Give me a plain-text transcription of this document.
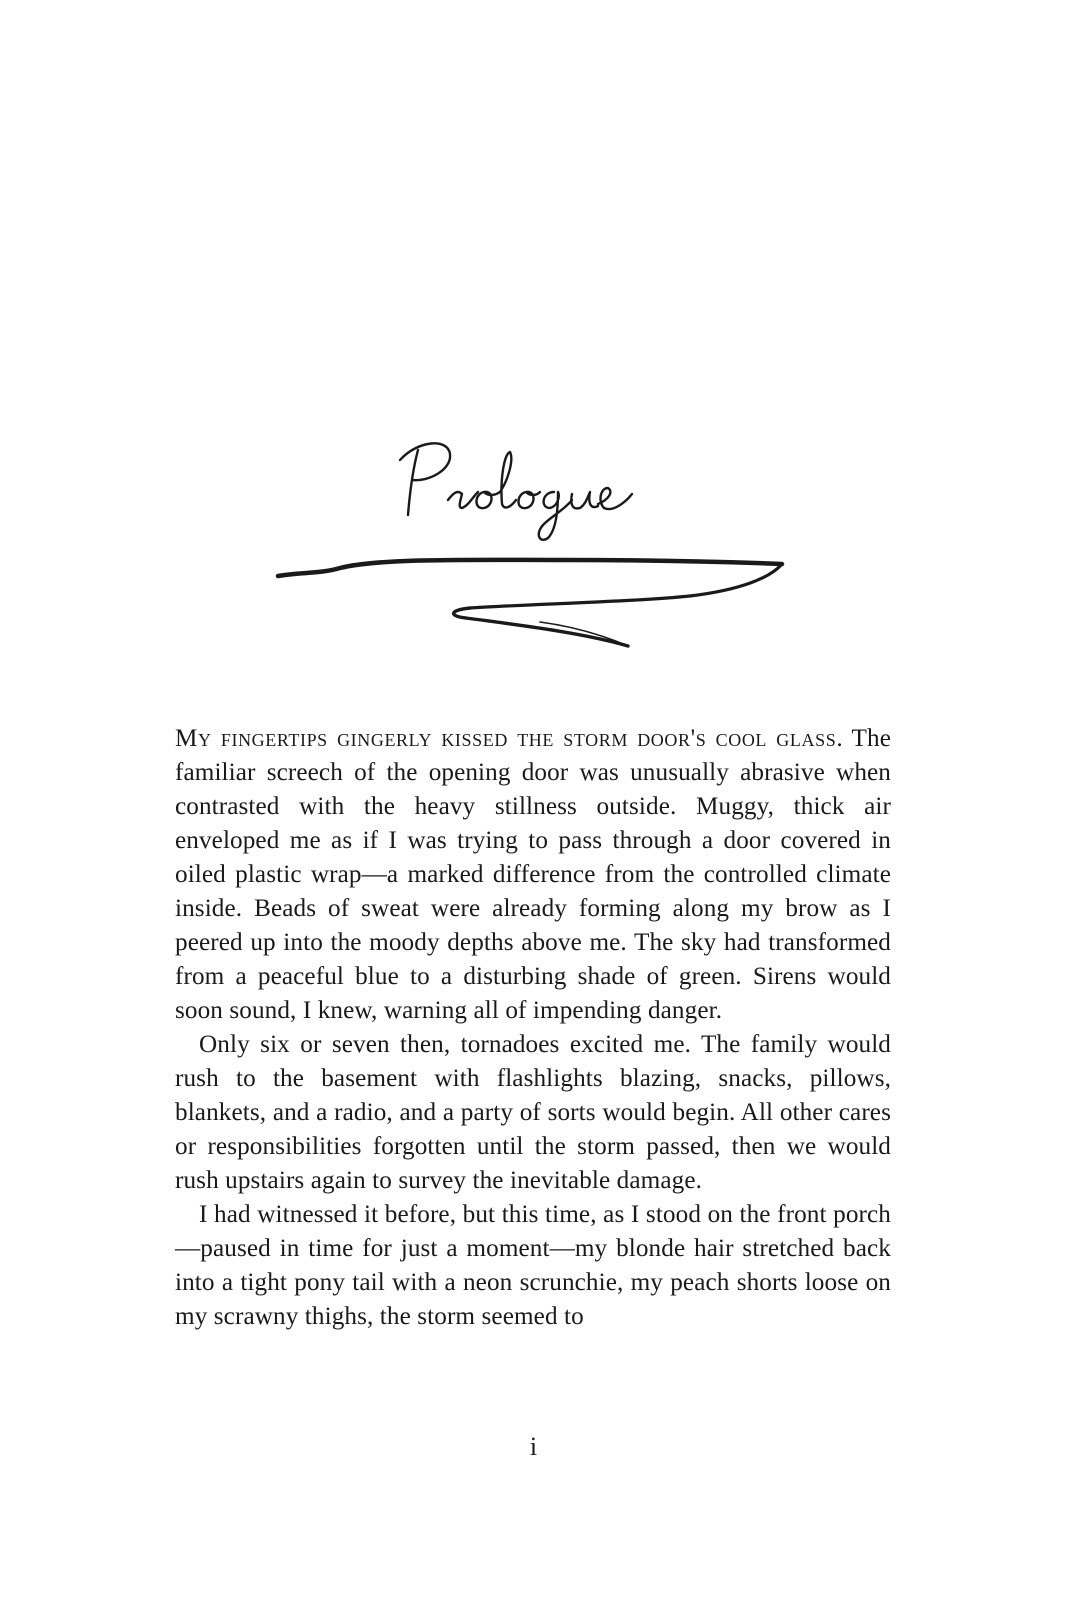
My fingertips gingerly kissed the storm door's cool glass. The familiar screech of the opening door was unusually abrasive when contrasted with the heavy stillness outside. Muggy, thick air enveloped me as if I was trying to pass through a door covered in oiled plastic wrap—a marked difference from the controlled climate inside. Beads of sweat were already forming along my brow as I peered up into the moody depths above me. The sky had transformed from a peaceful blue to a disturbing shade of green. Sirens would soon sound, I knew, warning all of impending danger.

Only six or seven then, tornadoes excited me. The family would rush to the basement with flashlights blazing, snacks, pillows, blankets, and a radio, and a party of sorts would begin. All other cares or responsibilities forgotten until the storm passed, then we would rush upstairs again to survey the inevitable damage.

I had witnessed it before, but this time, as I stood on the front porch—paused in time for just a moment—my blonde hair stretched back into a tight pony tail with a neon scrunchie, my peach shorts loose on my scrawny thighs, the storm seemed to

i
